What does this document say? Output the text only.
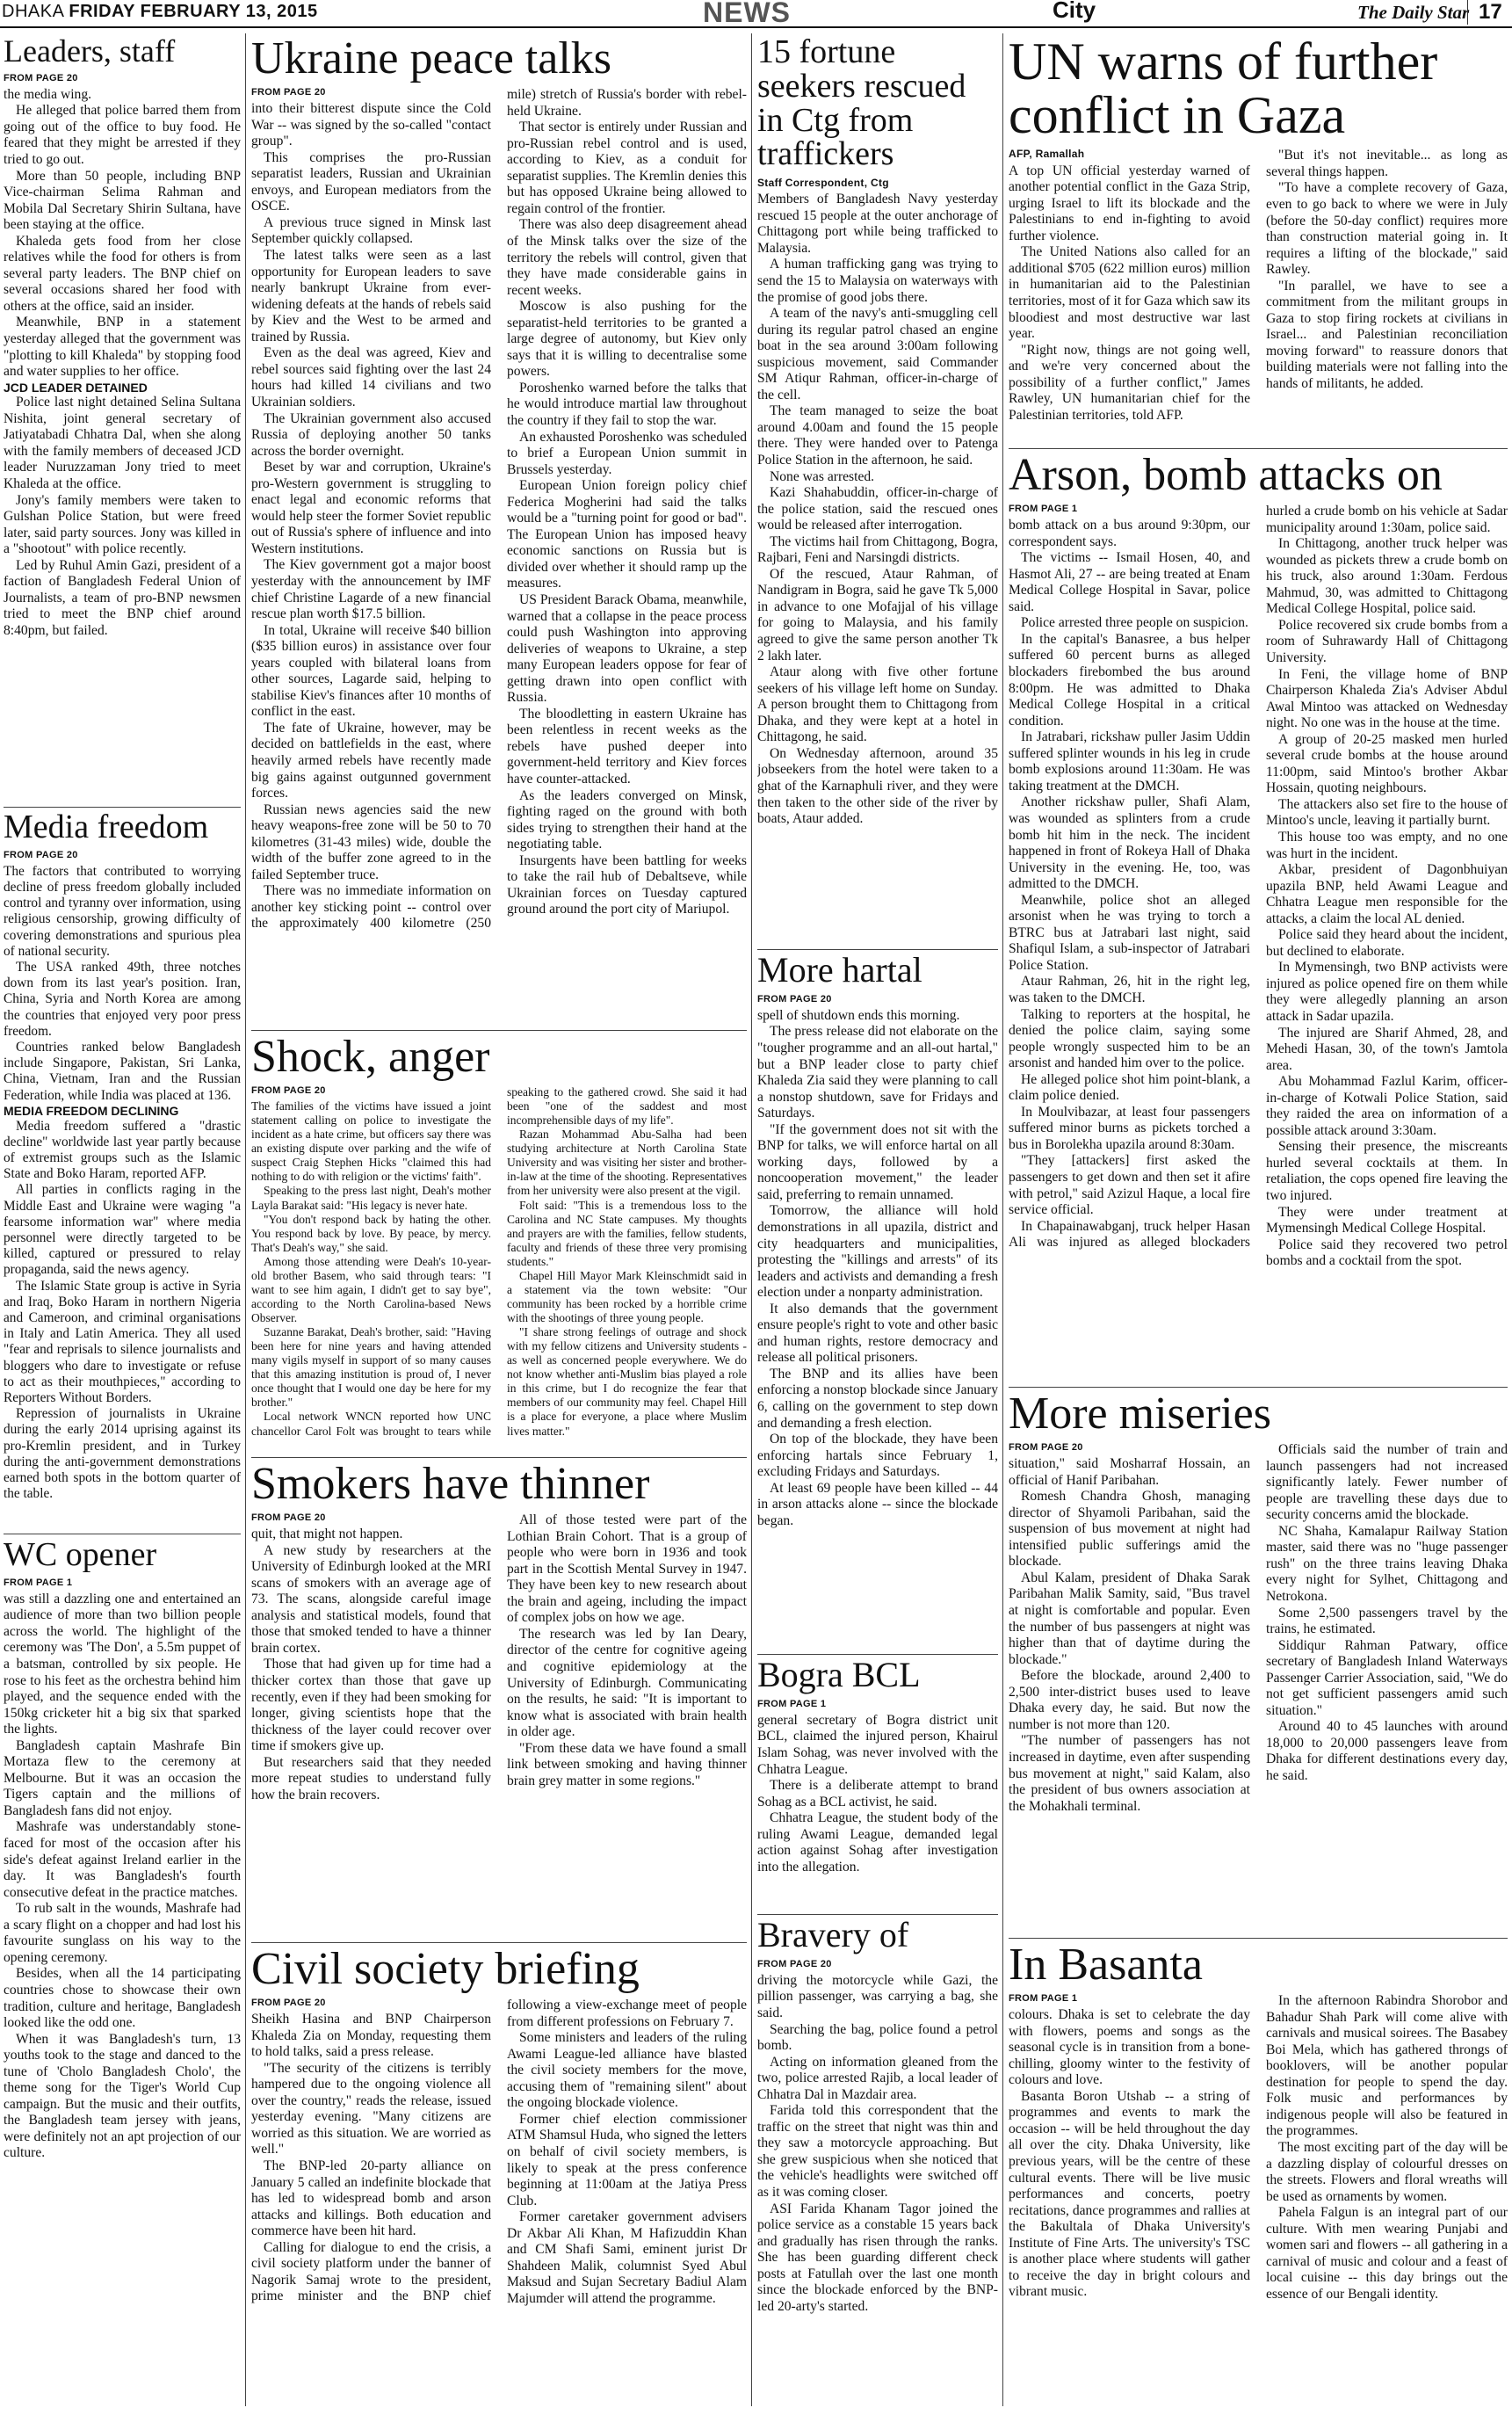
DHAKA FRIDAY FEBRUARY 13, 2015	NEWS	City	The Daily Star 17
Leaders, staff
FROM PAGE 20

the media wing.

He alleged that police barred them from going out of the office to buy food. He feared that they might be arrested if they tried to go out.

More than 50 people, including BNP Vice-chairman Selima Rahman and Mobila Dal Secretary Shirin Sultana, have been staying at the office.

Khaleda gets food from her close relatives while the food for others is from several party leaders. The BNP chief on several occasions shared her food with others at the office, said an insider.

Meanwhile, BNP in a statement yesterday alleged that the government was "plotting to kill Khaleda" by stopping food and water supplies to her office.

JCD LEADER DETAINED

Police last night detained Selina Sultana Nishita, joint general secretary of Jatiyatabadi Chhatra Dal, when she along with the family members of deceased JCD leader Nuruzzaman Jony tried to meet Khaleda at the office.

Jony's family members were taken to Gulshan Police Station, but were freed later, said party sources. Jony was killed in a "shootout" with police recently.

Led by Ruhul Amin Gazi, president of a faction of Bangladesh Federal Union of Journalists, a team of pro-BNP newsmen tried to meet the BNP chief around 8:40pm, but failed.

Media freedom
FROM PAGE 20

The factors that contributed to worrying decline of press freedom globally included control and tyranny over information, using religious censorship, growing difficulty of covering demonstrations and spurious plea of national security.

The USA ranked 49th, three notches down from its last year's position. Iran, China, Syria and North Korea are among the countries that enjoyed very poor press freedom.

Countries ranked below Bangladesh include Singapore, Pakistan, Sri Lanka, China, Vietnam, Iran and the Russian Federation, while India was placed at 136.

MEDIA FREEDOM DECLINING

Media freedom suffered a "drastic decline" worldwide last year partly because of extremist groups such as the Islamic State and Boko Haram, reported AFP.

All parties in conflicts raging in the Middle East and Ukraine were waging "a fearsome information war" where media personnel were directly targeted to be killed, captured or pressured to relay propaganda, said the news agency.

The Islamic State group is active in Syria and Iraq, Boko Haram in northern Nigeria and Cameroon, and criminal organisations in Italy and Latin America. They all used "fear and reprisals to silence journalists and bloggers who dare to investigate or refuse to act as their mouthpieces," according to Reporters Without Borders.

Repression of journalists in Ukraine during the early 2014 uprising against its pro-Kremlin president, and in Turkey during the anti-government demonstrations earned both spots in the bottom quarter of the table.

WC opener
FROM PAGE 1

was still a dazzling one and entertained an audience of more than two billion people across the world. The highlight of the ceremony was 'The Don', a 5.5m puppet of a batsman, controlled by six people. He rose to his feet as the orchestra behind him played, and the sequence ended with the 150kg cricketer hit a big six that sparked the lights.

Bangladesh captain Mashrafe Bin Mortaza flew to the ceremony at Melbourne. But it was an occasion the Tigers captain and the millions of Bangladesh fans did not enjoy.

Mashrafe was understandably stone-faced for most of the occasion after his side's defeat against Ireland earlier in the day. It was Bangladesh's fourth consecutive defeat in the practice matches.

To rub salt in the wounds, Mashrafe had a scary flight on a chopper and had lost his favourite sunglass on his way to the opening ceremony.

Besides, when all the 14 participating countries chose to showcase their own tradition, culture and heritage, Bangladesh looked like the odd one.

When it was Bangladesh's turn, 13 youths took to the stage and danced to the tune of 'Cholo Bangladesh Cholo', the theme song for the Tiger's World Cup campaign. But the music and their outfits, the Bangladesh team jersey with jeans, were definitely not an apt projection of our culture.

Ukraine peace talks
FROM PAGE 20

into their bitterest dispute since the Cold War -- was signed by the so-called "contact group".

This comprises the pro-Russian separatist leaders, Russian and Ukrainian envoys, and European mediators from the OSCE.

A previous truce signed in Minsk last September quickly collapsed.

The latest talks were seen as a last opportunity for European leaders to save nearly bankrupt Ukraine from ever-widening defeats at the hands of rebels said by Kiev and the West to be armed and trained by Russia.

Even as the deal was agreed, Kiev and rebel sources said fighting over the last 24 hours had killed 14 civilians and two Ukrainian soldiers.

The Ukrainian government also accused Russia of deploying another 50 tanks across the border overnight.

Beset by war and corruption, Ukraine's pro-Western government is struggling to enact legal and economic reforms that would help steer the former Soviet republic out of Russia's sphere of influence and into Western institutions.

The Kiev government got a major boost yesterday with the announcement by IMF chief Christine Lagarde of a new financial rescue plan worth $17.5 billion.

In total, Ukraine will receive $40 billion ($35 billion euros) in assistance over four years coupled with bilateral loans from other sources, Lagarde said, helping to stabilise Kiev's finances after 10 months of conflict in the east.

The fate of Ukraine, however, may be decided on battlefields in the east, where heavily armed rebels have recently made big gains against outgunned government forces.

Russian news agencies said the new heavy weapons-free zone will be 50 to 70 kilometres (31-43 miles) wide, double the width of the buffer zone agreed to in the failed September truce.

There was no immediate information on another key sticking point -- control over the approximately 400 kilometre (250 mile) stretch of Russia's border with rebel-held Ukraine.

That sector is entirely under Russian and pro-Russian rebel control and is used, according to Kiev, as a conduit for separatist supplies. The Kremlin denies this but has opposed Ukraine being allowed to regain control of the frontier.

There was also deep disagreement ahead of the Minsk talks over the size of the territory the rebels will control, given that they have made considerable gains in recent weeks.

Moscow is also pushing for the separatist-held territories to be granted a large degree of autonomy, but Kiev only says that it is willing to decentralise some powers.

Poroshenko warned before the talks that he would introduce martial law throughout the country if they fail to stop the war.

An exhausted Poroshenko was scheduled to brief a European Union summit in Brussels yesterday.

European Union foreign policy chief Federica Mogherini had said the talks would be a "turning point for good or bad". The European Union has imposed heavy economic sanctions on Russia but is divided over whether it should ramp up the measures.

US President Barack Obama, meanwhile, warned that a collapse in the peace process could push Washington into approving deliveries of weapons to Ukraine, a step many European leaders oppose for fear of getting drawn into open conflict with Russia.

The bloodletting in eastern Ukraine has been relentless in recent weeks as the rebels have pushed deeper into government-held territory and Kiev forces have counter-attacked.

As the leaders converged on Minsk, fighting raged on the ground with both sides trying to strengthen their hand at the negotiating table.

Insurgents have been battling for weeks to take the rail hub of Debaltseve, while Ukrainian forces on Tuesday captured ground around the port city of Mariupol.

Shock, anger
FROM PAGE 20

The families of the victims have issued a joint statement calling on police to investigate the incident as a hate crime, but officers say there was an existing dispute over parking and the wife of suspect Craig Stephen Hicks "claimed this had nothing to do with religion or the victims' faith".

Speaking to the press last night, Deah's mother Layla Barakat said: "His legacy is never hate.

"You don't respond back by hating the other. You respond back by love. By peace, by mercy. That's Deah's way," she said.

Among those attending were Deah's 10-year-old brother Basem, who said through tears: "I want to see him again, I didn't get to say bye", according to the North Carolina-based News Observer.

Suzanne Barakat, Deah's brother, said: "Having been here for nine years and having attended many vigils myself in support of so many causes that this amazing institution is proud of, I never once thought that I would one day be here for my brother."

Local network WNCN reported how UNC chancellor Carol Folt was brought to tears while speaking to the gathered crowd. She said it had been "one of the saddest and most incomprehensible days of my life".

Razan Mohammad Abu-Salha had been studying architecture at North Carolina State University and was visiting her sister and brother-in-law at the time of the shooting. Representatives from her university were also present at the vigil.

Folt said: "This is a tremendous loss to the Carolina and NC State campuses. My thoughts and prayers are with the families, fellow students, faculty and friends of these three very promising students."

Chapel Hill Mayor Mark Kleinschmidt said in a statement via the town website: "Our community has been rocked by a horrible crime with the shootings of three young people.

"I share strong feelings of outrage and shock with my fellow citizens and University students - as well as concerned people everywhere. We do not know whether anti-Muslim bias played a role in this crime, but I do recognize the fear that members of our community may feel. Chapel Hill is a place for everyone, a place where Muslim lives matter."

Smokers have thinner
FROM PAGE 20

quit, that might not happen.

A new study by researchers at the University of Edinburgh looked at the MRI scans of smokers with an average age of 73. The scans, alongside careful image analysis and statistical models, found that those that smoked tended to have a thinner brain cortex.

Those that had given up for time had a thicker cortex than those that gave up recently, even if they had been smoking for longer, giving scientists hope that the thickness of the layer could recover over time if smokers give up.

But researchers said that they needed more repeat studies to understand fully how the brain recovers.

All of those tested were part of the Lothian Brain Cohort. That is a group of people who were born in 1936 and took part in the Scottish Mental Survey in 1947. They have been key to new research about the brain and ageing, including the impact of complex jobs on how we age.

The research was led by Ian Deary, director of the centre for cognitive ageing and cognitive epidemiology at the University of Edinburgh. Communicating on the results, he said: "It is important to know what is associated with brain health in older age.

"From these data we have found a small link between smoking and having thinner brain grey matter in some regions."

Civil society briefing
FROM PAGE 20

Sheikh Hasina and BNP Chairperson Khaleda Zia on Monday, requesting them to hold talks, said a press release.

"The security of the citizens is terribly hampered due to the ongoing violence all over the country," reads the release, issued yesterday evening. "Many citizens are worried as this situation. We are worried as well."

The BNP-led 20-party alliance on January 5 called an indefinite blockade that has led to widespread bomb and arson attacks and killings. Both education and commerce have been hit hard.

Calling for dialogue to end the crisis, a civil society platform under the banner of Nagorik Samaj wrote to the president, prime minister and the BNP chief following a view-exchange meet of people from different professions on February 7.

Some ministers and leaders of the ruling Awami League-led alliance have blasted the civil society members for the move, accusing them of "remaining silent" about the ongoing blockade violence.

Former chief election commissioner ATM Shamsul Huda, who signed the letters on behalf of civil society members, is likely to speak at the press conference beginning at 11:00am at the Jatiya Press Club.

Former caretaker government advisers Dr Akbar Ali Khan, M Hafizuddin Khan and CM Shafi Sami, eminent jurist Dr Shahdeen Malik, columnist Syed Abul Maksud and Sujan Secretary Badiul Alam Majumder will attend the programme.

15 fortune seekers rescued in Ctg from traffickers
Staff Correspondent, Ctg

Members of Bangladesh Navy yesterday rescued 15 people at the outer anchorage of Chittagong port while being trafficked to Malaysia.

A human trafficking gang was trying to send the 15 to Malaysia on waterways with the promise of good jobs there.

A team of the navy's anti-smuggling cell during its regular patrol chased an engine boat in the sea around 3:00am following suspicious movement, said Commander SM Atiqur Rahman, officer-in-charge of the cell.

The team managed to seize the boat around 4.00am and found the 15 people there. They were handed over to Patenga Police Station in the afternoon, he said.

None was arrested.

Kazi Shahabuddin, officer-in-charge of the police station, said the rescued ones would be released after interrogation.

The victims hail from Chittagong, Bogra, Rajbari, Feni and Narsingdi districts.

Of the rescued, Ataur Rahman, of Nandigram in Bogra, said he gave Tk 5,000 in advance to one Mofajjal of his village for going to Malaysia, and his family agreed to give the same person another Tk 2 lakh later.

Ataur along with five other fortune seekers of his village left home on Sunday. A person brought them to Chittagong from Dhaka, and they were kept at a hotel in Chittagong, he said.

On Wednesday afternoon, around 35 jobseekers from the hotel were taken to a ghat of the Karnaphuli river, and they were then taken to the other side of the river by boats, Ataur added.

More hartal
FROM PAGE 20

spell of shutdown ends this morning.

The press release did not elaborate on the "tougher programme and an all-out hartal," but a BNP leader close to party chief Khaleda Zia said they were planning to call a nonstop shutdown, save for Fridays and Saturdays.

"If the government does not sit with the BNP for talks, we will enforce hartal on all working days, followed by a noncooperation movement," the leader said, preferring to remain unnamed.

Tomorrow, the alliance will hold demonstrations in all upazila, district and city headquarters and municipalities, protesting the "killings and arrests" of its leaders and activists and demanding a fresh election under a nonparty administration.

It also demands that the government ensure people's right to vote and other basic and human rights, restore democracy and release all political prisoners.

The BNP and its allies have been enforcing a nonstop blockade since January 6, calling on the government to step down and demanding a fresh election.

On top of the blockade, they have been enforcing hartals since February 1, excluding Fridays and Saturdays.

At least 69 people have been killed -- 44 in arson attacks alone -- since the blockade began.

Bogra BCL
FROM PAGE 1

general secretary of Bogra district unit BCL, claimed the injured person, Khairul Islam Sohag, was never involved with the Chhatra League.

There is a deliberate attempt to brand Sohag as a BCL activist, he said.

Chhatra League, the student body of the ruling Awami League, demanded legal action against Sohag after investigation into the allegation.

Bravery of
FROM PAGE 20

driving the motorcycle while Gazi, the pillion passenger, was carrying a bag, she said.

Searching the bag, police found a petrol bomb.

Acting on information gleaned from the two, police arrested Rajib, a local leader of Chhatra Dal in Mazdair area.

Farida told this correspondent that the traffic on the street that night was thin and they saw a motorcycle approaching. But she grew suspicious when she noticed that the vehicle's headlights were switched off as it was coming closer.

ASI Farida Khanam Tagor joined the police service as a constable 15 years back and gradually has risen through the ranks. She has been guarding different check posts at Fatullah over the last one month since the blockade enforced by the BNP-led 20-arty's started.

UN warns of further conflict in Gaza
AFP, Ramallah

A top UN official yesterday warned of another potential conflict in the Gaza Strip, urging Israel to lift its blockade and the Palestinians to end in-fighting to avoid further violence.

The United Nations also called for an additional $705 (622 million euros) million in humanitarian aid to the Palestinian territories, most of it for Gaza which saw its bloodiest and most destructive war last year.

"Right now, things are not going well, and we're very concerned about the possibility of a further conflict," James Rawley, UN humanitarian chief for the Palestinian territories, told AFP.

"But it's not inevitable... as long as several things happen.

"To have a complete recovery of Gaza, even to go back to where we were in July (before the 50-day conflict) requires more than construction material going in. It requires a lifting of the blockade," said Rawley.

"In parallel, we have to see a commitment from the militant groups in Gaza to stop firing rockets at civilians in Israel... and Palestinian reconciliation moving forward" to reassure donors that building materials were not falling into the hands of militants, he added.

Arson, bomb attacks on
FROM PAGE 1

bomb attack on a bus around 9:30pm, our correspondent says.

The victims -- Ismail Hosen, 40, and Hasmot Ali, 27 -- are being treated at Enam Medical College Hospital in Savar, police said.

Police arrested three people on suspicion.

In the capital's Banasree, a bus helper suffered 60 percent burns as alleged blockaders firebombed the bus around 8:00pm. He was admitted to Dhaka Medical College Hospital in a critical condition.

In Jatrabari, rickshaw puller Jasim Uddin suffered splinter wounds in his leg in crude bomb explosions around 11:30am. He was taking treatment at the DMCH.

Another rickshaw puller, Shafi Alam, was wounded as splinters from a crude bomb hit him in the neck. The incident happened in front of Rokeya Hall of Dhaka University in the evening. He, too, was admitted to the DMCH.

Meanwhile, police shot an alleged arsonist when he was trying to torch a BTRC bus at Jatrabari last night, said Shafiqul Islam, a sub-inspector of Jatrabari Police Station.

Ataur Rahman, 26, hit in the right leg, was taken to the DMCH.

Talking to reporters at the hospital, he denied the police claim, saying some people wrongly suspected him to be an arsonist and handed him over to the police.

He alleged police shot him point-blank, a claim police denied.

In Moulvibazar, at least four passengers suffered minor burns as pickets torched a bus in Borolekha upazila around 8:30am.

"They [attackers] first asked the passengers to get down and then set it afire with petrol," said Azizul Haque, a local fire service official.

In Chapainawabganj, truck helper Hasan Ali was injured as alleged blockaders hurled a crude bomb on his vehicle at Sadar municipality around 1:30am, police said.

In Chittagong, another truck helper was wounded as pickets threw a crude bomb on his truck, also around 1:30am. Ferdous Mahmud, 30, was admitted to Chittagong Medical College Hospital, police said.

Police recovered six crude bombs from a room of Suhrawardy Hall of Chittagong University.

In Feni, the village home of BNP Chairperson Khaleda Zia's Adviser Abdul Awal Mintoo was attacked on Wednesday night. No one was in the house at the time.

A group of 20-25 masked men hurled several crude bombs at the house around 11:00pm, said Mintoo's brother Akbar Hossain, quoting neighbours.

The attackers also set fire to the house of Mintoo's uncle, leaving it partially burnt.

This house too was empty, and no one was hurt in the incident.

Akbar, president of Dagonbhuiyan upazila BNP, held Awami League and Chhatra League men responsible for the attacks, a claim the local AL denied.

Police said they heard about the incident, but declined to elaborate.

In Mymensingh, two BNP activists were injured as police opened fire on them while they were allegedly planning an arson attack in Sadar upazila.

The injured are Sharif Ahmed, 28, and Mehedi Hasan, 30, of the town's Jamtola area.

Abu Mohammad Fazlul Karim, officer-in-charge of Kotwali Police Station, said they raided the area on information of a possible attack around 3:30am.

Sensing their presence, the miscreants hurled several cocktails at them. In retaliation, the cops opened fire leaving the two injured.

They were under treatment at Mymensingh Medical College Hospital.

Police said they recovered two petrol bombs and a cocktail from the spot.

More miseries
FROM PAGE 20

situation," said Mosharraf Hossain, an official of Hanif Paribahan.

Romesh Chandra Ghosh, managing director of Shyamoli Paribahan, said the suspension of bus movement at night had intensified public sufferings amid the blockade.

Abul Kalam, president of Dhaka Sarak Paribahan Malik Samity, said, "Bus travel at night is comfortable and popular. Even the number of bus passengers at night was higher than that of daytime during the blockade."

Before the blockade, around 2,400 to 2,500 inter-district buses used to leave Dhaka every day, he said. But now the number is not more than 120.

"The number of passengers has not increased in daytime, even after suspending bus movement at night," said Kalam, also the president of bus owners association at the Mohakhali terminal.

Officials said the number of train and launch passengers had not increased significantly lately. Fewer number of people are travelling these days due to security concerns amid the blockade.

NC Shaha, Kamalapur Railway Station master, said there was no "huge passenger rush" on the three trains leaving Dhaka every night for Sylhet, Chittagong and Netrokona.

Some 2,500 passengers travel by the trains, he estimated.

Siddiqur Rahman Patwary, office secretary of Bangladesh Inland Waterways Passenger Carrier Association, said, "We do not get sufficient passengers amid such situation."

Around 40 to 45 launches with around 18,000 to 20,000 passengers leave from Dhaka for different destinations every day, he said.

In Basanta
FROM PAGE 1

colours. Dhaka is set to celebrate the day with flowers, poems and songs as the seasonal cycle is in transition from a bone-chilling, gloomy winter to the festivity of colours and love.

Basanta Boron Utshab -- a string of programmes and events to mark the occasion -- will be held throughout the day all over the city. Dhaka University, like previous years, will be the centre of these cultural events. There will be live music performances and concerts, poetry recitations, dance programmes and rallies at the Bakultala of Dhaka University's Institute of Fine Arts. The university's TSC is another place where students will gather to receive the day in bright colours and vibrant music.

In the afternoon Rabindra Shorobor and Bahadur Shah Park will come alive with carnivals and musical soirees. The Basabey Boi Mela, which has gathered throngs of booklovers, will be another popular destination for people to spend the day. Folk music and performances by indigenous people will also be featured in the programmes.

The most exciting part of the day will be a dazzling display of colourful dresses on the streets. Flowers and floral wreaths will be used as ornaments by women.

Pahela Falgun is an integral part of our culture. With men wearing Punjabi and women sari and flowers -- all gathering in a carnival of music and colour and a feast of local cuisine -- this day brings out the essence of our Bengali identity.
